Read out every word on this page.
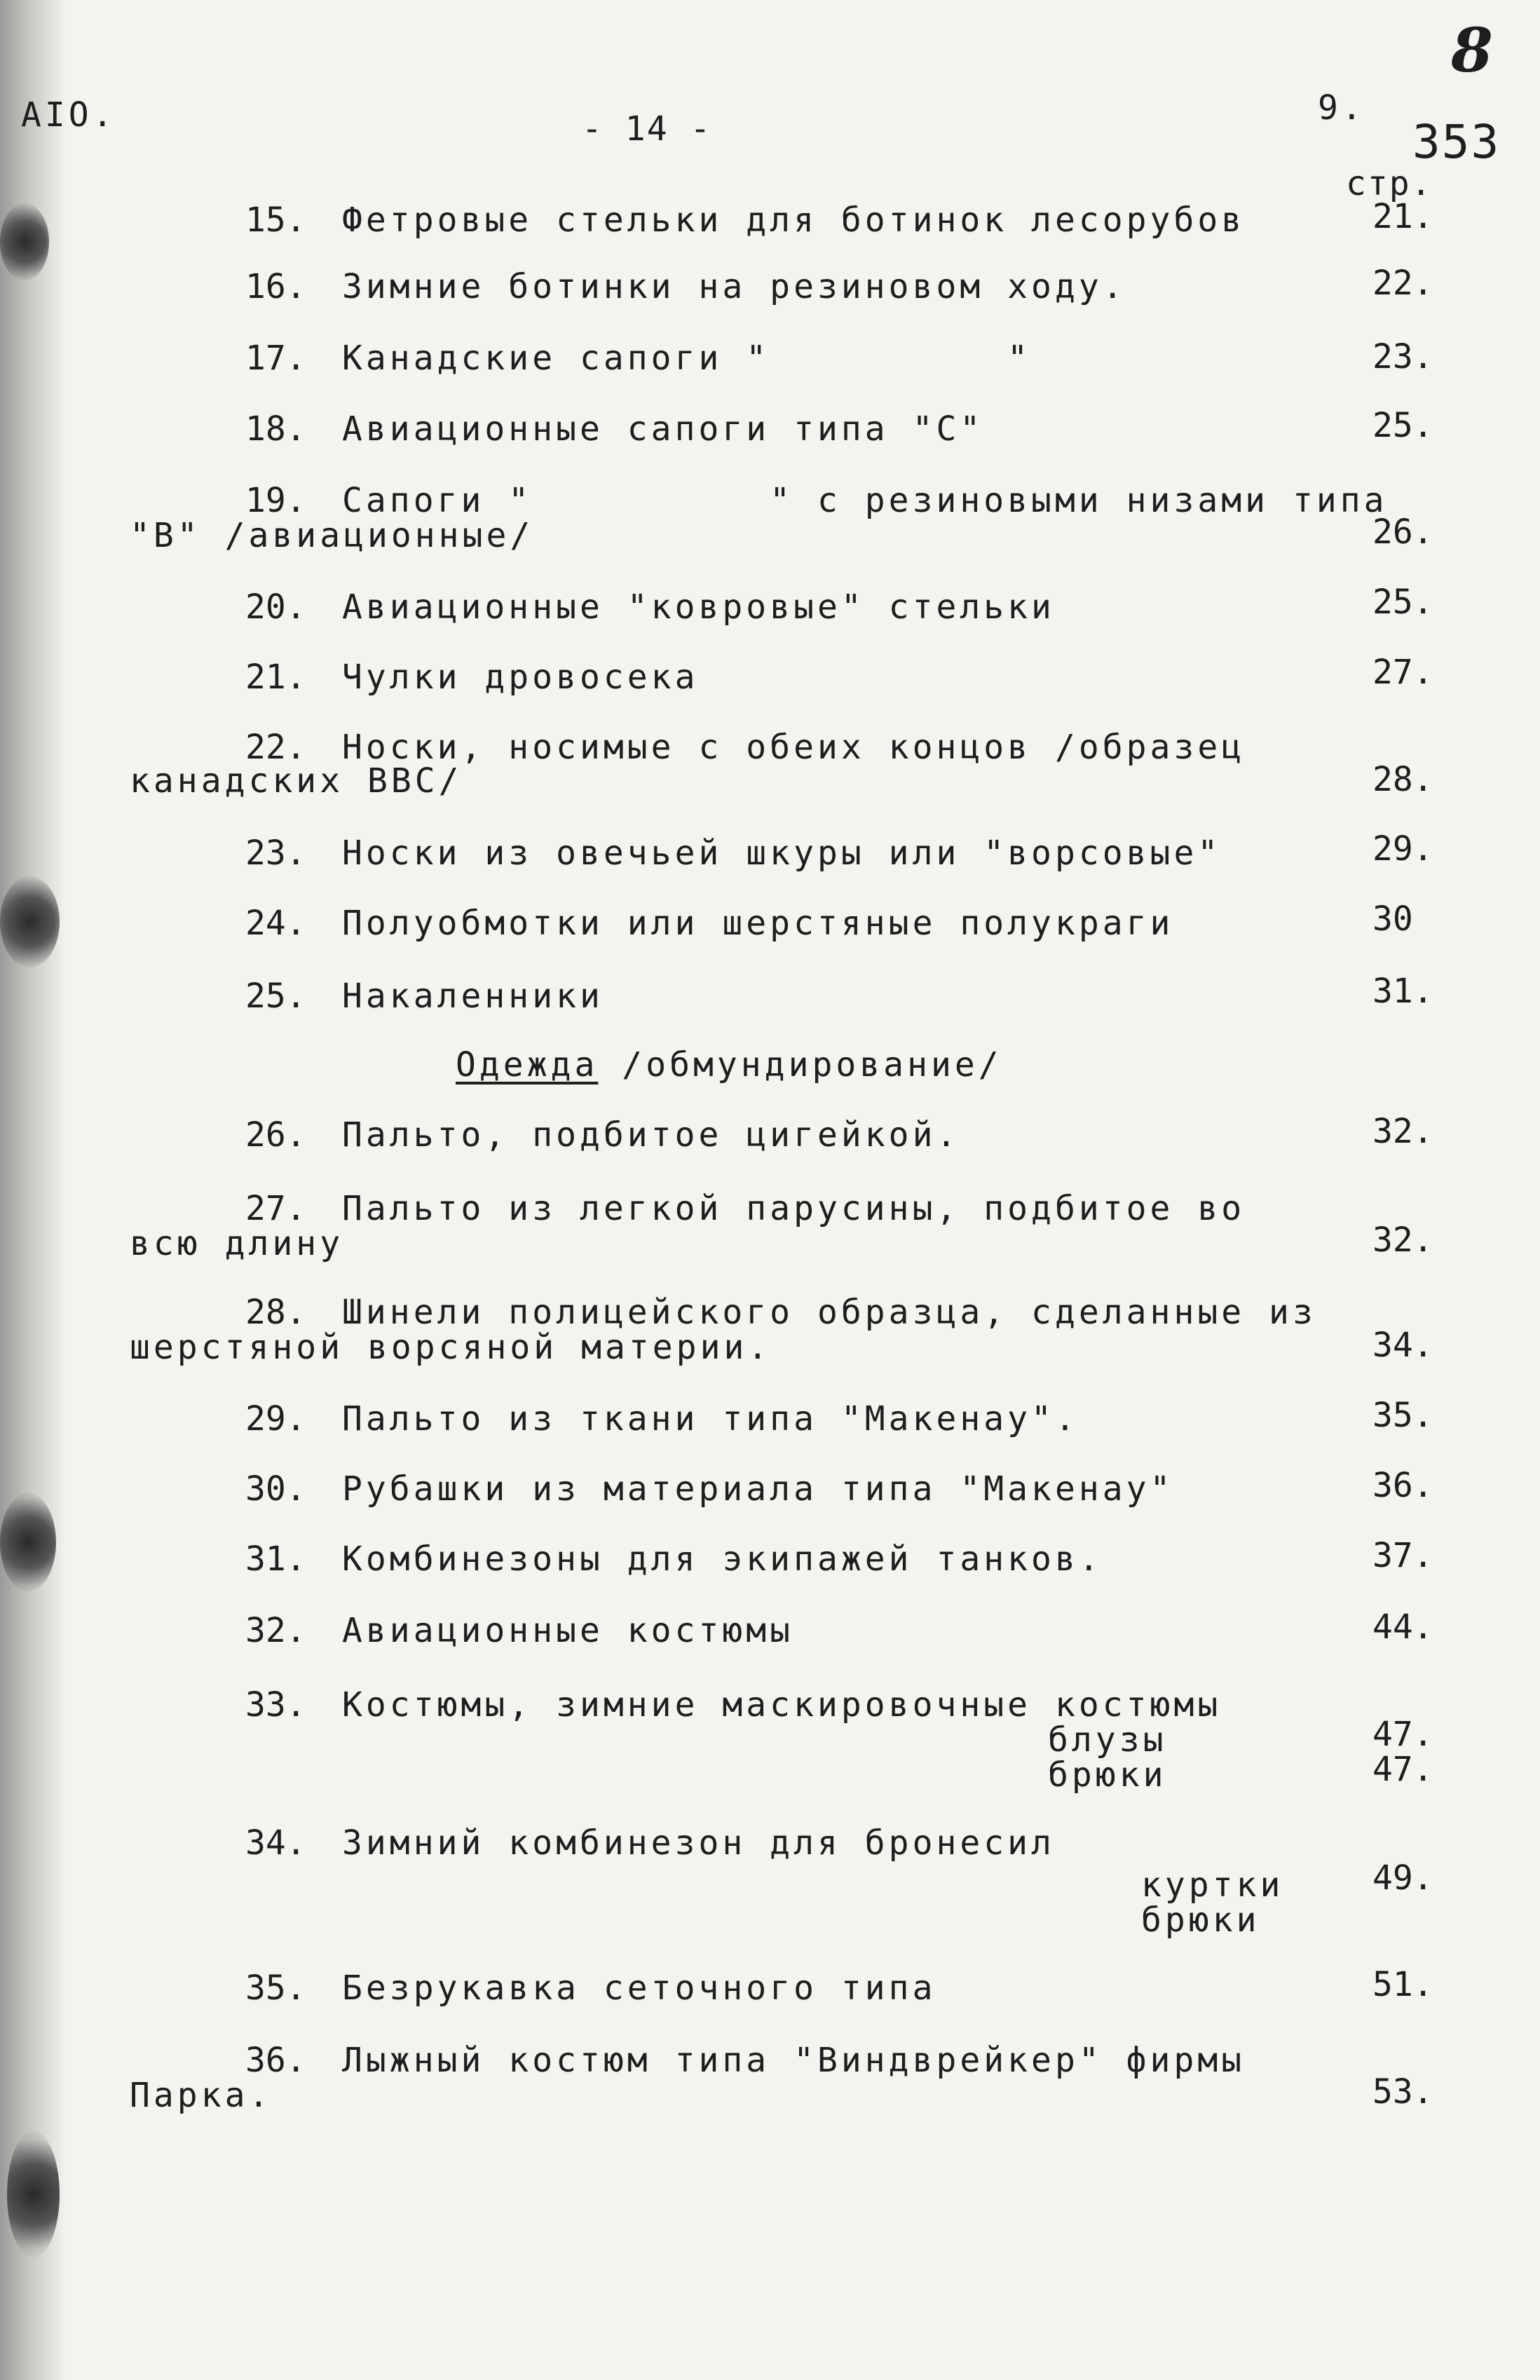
AIO.	- 14 -
8
9.
353
стр.
15. Фетровые стельки для ботинок лесорубов	21.
16. Зимние ботинки на резиновом ходу.	22.
17. Канадские сапоги "          "	23.
18. Авиационные сапоги типа "С"	25.
19. Сапоги "          " с резиновыми низами типа
"В" /авиационные/	26.
20. Авиационные "ковровые" стельки	25.
21. Чулки дровосека	27.
22. Носки, носимые с обеих концов /образец
канадских ВВС/	28.
23. Носки из овечьей шкуры или "ворсовые"	29.
24. Полуобмотки или шерстяные полукраги	30
25. Накаленники	31.
Одежда /обмундирование/
26. Пальто, подбитое цигейкой.	32.
27. Пальто из легкой парусины, подбитое во
всю длину	32.
28. Шинели полицейского образца, сделанные из
шерстяной ворсяной материи.	34.
29. Пальто из ткани типа "Макенау".	35.
30. Рубашки из материала типа "Макенау"	36.
31. Комбинезоны для экипажей танков.	37.
32. Авиационные костюмы	44.
33. Костюмы, зимние маскировочные костюмы
блузы	47.
брюки	47.
34. Зимний комбинезон для бронесил
куртки	49.
брюки
35. Безрукавка сеточного типа	51.
36. Лыжный костюм типа "Виндврейкер" фирмы
Парка.	53.
